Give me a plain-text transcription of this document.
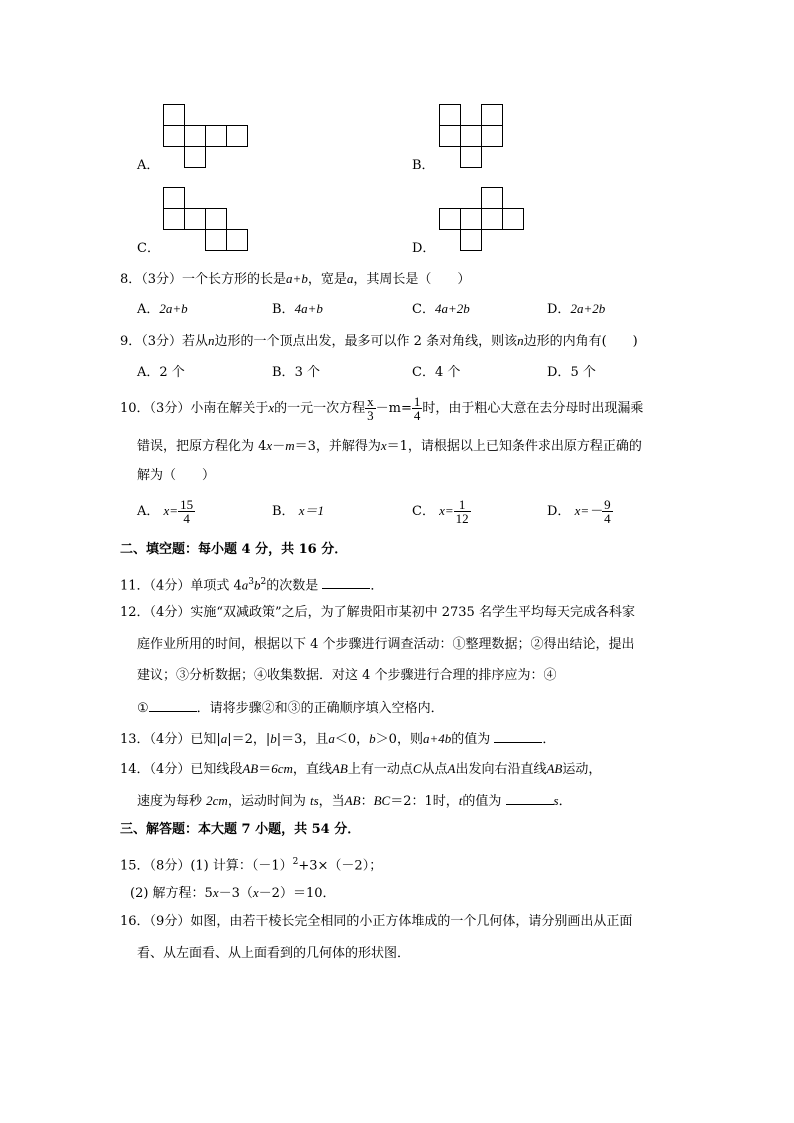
A．	B．
C．	D．
8．（3分）一个长方形的长是a+b，宽是a，其周长是（　　）
A．2a+b	B．4a+b	C．4a+2b	D．2a+2b
9．（3分）若从n边形的一个顶点出发，最多可以作 2 条对角线，则该n边形的内角有(　　)
A．2 个	B．3 个	C．4 个	D．5 个
10．（3分）小南在解关于x的一元一次方程 $\frac{x}{3} -m= \frac{1}{4}$ 时，由于粗心大意在去分母时出现漏乘
错误，把原方程化为 4x－m＝3，并解得为x＝1，请根据以上已知条件求出原方程正确的
解为（　　）
A． $x= \frac{15}{4}$	B． x＝1	C． $x= \frac{1}{12}$	D． $x=- \frac{9}{4}$
二、填空题：每小题 4 分，共 16 分．
11．（4分）单项式 $4a^3b^2$的次数是	．
12．（4分）实施“双减政策”之后，为了解贵阳市某初中 2735 名学生平均每天完成各科家
庭作业所用的时间，根据以下 4 个步骤进行调查活动：①整理数据；②得出结论，提出
建议；③分析数据；④收集数据．对这 4 个步骤进行合理的排序应为：④
①	．请将步骤②和③的正确顺序填入空格内．
13．（4分）已知|a|＝2，|b|＝3，且a＜0，b＞0，则a+4b的值为	．
14．（4分）已知线段AB＝6cm，直线AB上有一动点C从点A出发向右沿直线AB运动，
速度为每秒 2cm，运动时间为 ts，当AB：BC＝2：1时，t的值为	s．
三、解答题：本大题 7 小题，共 54 分．
15．（8分）(1) 计算：$(-1)^2+3\times(-2)$；
(2) 解方程：5x－3（x－2）＝10．
16．（9分）如图，由若干棱长完全相同的小正方体堆成的一个几何体，请分别画出从正面
看、从左面看、从上面看到的几何体的形状图．
